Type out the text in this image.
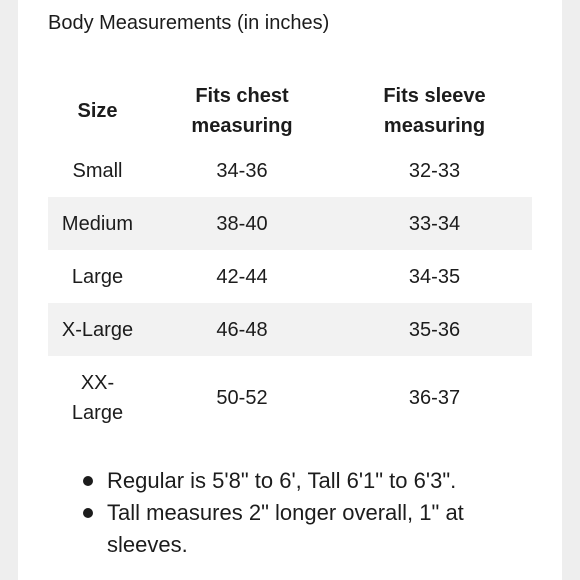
Body Measurements (in inches)
Size	Fits chest measuring	Fits sleeve measuring

Small	34-36	32-33
Medium	38-40	33-34
Large	42-44	34-35
X-Large	46-48	35-36

XX-Large	50-52	36-37
Regular is 5'8" to 6', Tall 6'1" to 6'3".
Tall measures 2" longer overall, 1" at sleeves.
